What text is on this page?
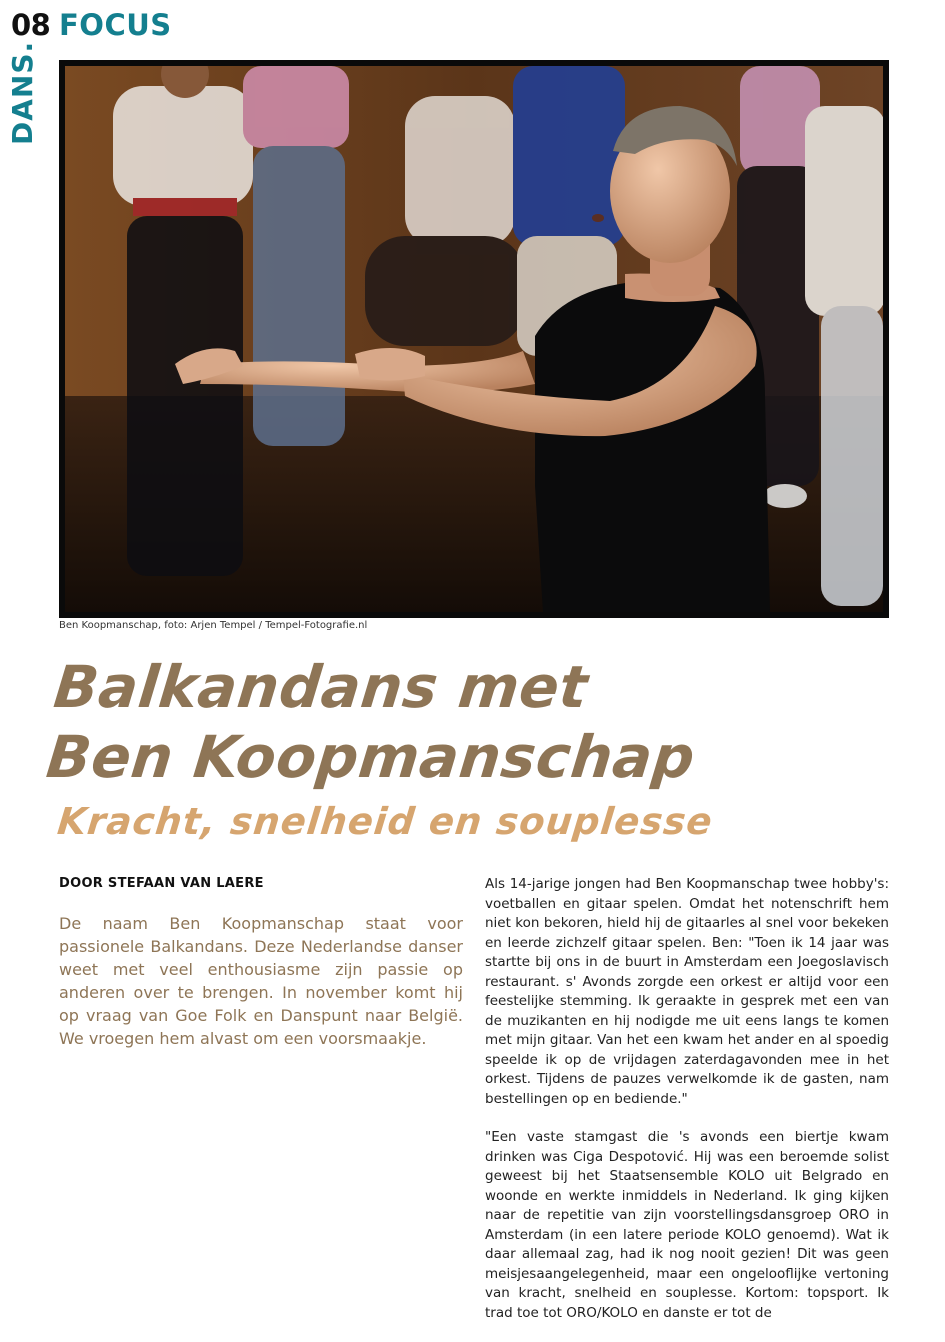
08 FOCUS
DANS.
Ben Koopmanschap, foto: Arjen Tempel / Tempel-Fotografie.nl
Balkandans met
Ben Koopmanschap
Kracht, snelheid en souplesse
DOOR STEFAAN VAN LAERE

De naam Ben Koopmanschap staat voor passionele Balkandans. Deze Nederlandse danser weet met veel enthousiasme zijn passie op anderen over te brengen. In november komt hij op vraag van Goe Folk en Danspunt naar België. We vroegen hem alvast om een voorsmaakje.

Als 14-jarige jongen had Ben Koopmanschap twee hobby's: voetballen en gitaar spelen. Omdat het notenschrift hem niet kon bekoren, hield hij de gitaarles al snel voor bekeken en leerde zichzelf gitaar spelen. Ben: "Toen ik 14 jaar was startte bij ons in de buurt in Amsterdam een Joegoslavisch restaurant. s' Avonds zorgde een orkest er altijd voor een feestelijke stemming. Ik geraakte in gesprek met een van de muzikanten en hij nodigde me uit eens langs te komen met mijn gitaar. Van het een kwam het ander en al spoedig speelde ik op de vrijdagen zaterdagavonden mee in het orkest. Tijdens de pauzes verwelkomde ik de gasten, nam bestellingen op en bediende."

"Een vaste stamgast die 's avonds een biertje kwam drinken was Ciga Despotović. Hij was een beroemde solist geweest bij het Staatsensemble KOLO uit Belgrado en woonde en werkte inmiddels in Nederland. Ik ging kijken naar de repetitie van zijn voorstellingsdansgroep ORO in Amsterdam (in een latere periode KOLO genoemd). Wat ik daar allemaal zag, had ik nog nooit gezien! Dit was geen meisjesaangelegenheid, maar een ongelooflijke vertoning van kracht, snelheid en souplesse. Kortom: topsport. Ik trad toe tot ORO/KOLO en danste er tot de
